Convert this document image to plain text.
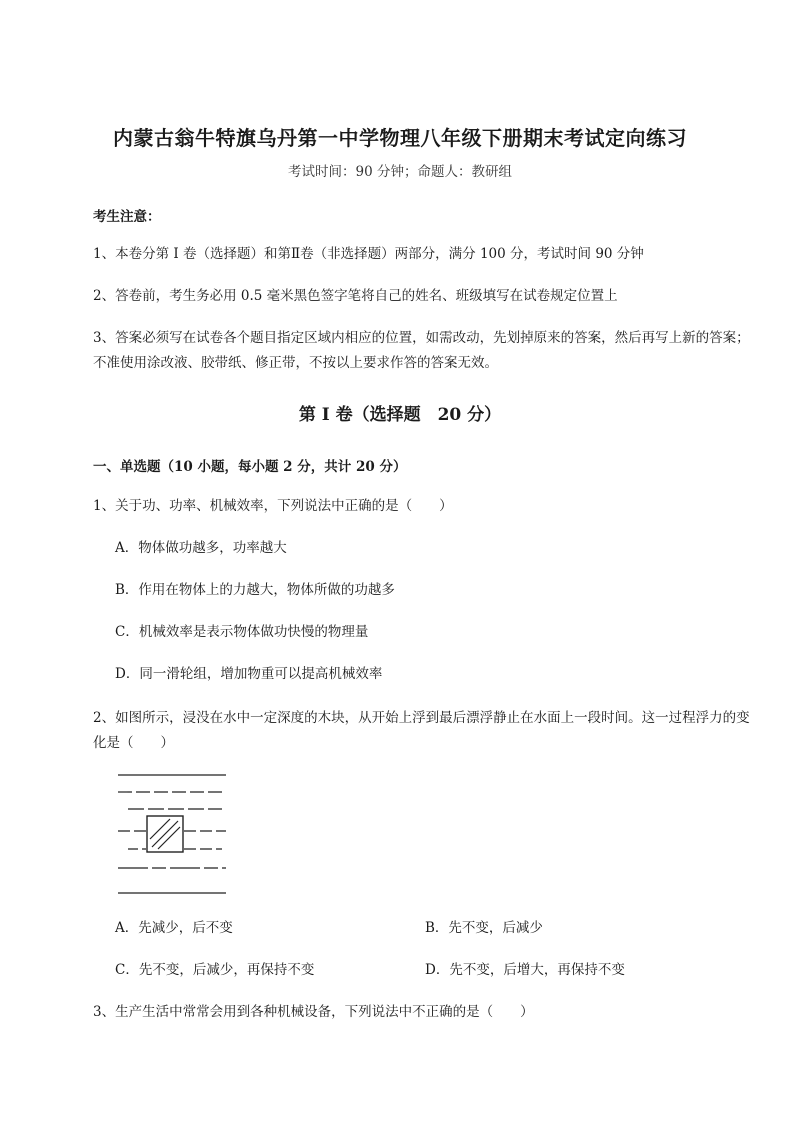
内蒙古翁牛特旗乌丹第一中学物理八年级下册期末考试定向练习
考试时间：90 分钟；命题人：教研组
考生注意：
1、本卷分第 I 卷（选择题）和第Ⅱ卷（非选择题）两部分，满分 100 分，考试时间 90 分钟
2、答卷前，考生务必用 0.5 毫米黑色签字笔将自己的姓名、班级填写在试卷规定位置上
3、答案必须写在试卷各个题目指定区域内相应的位置，如需改动，先划掉原来的答案，然后再写上新的答案；不准使用涂改液、胶带纸、修正带，不按以上要求作答的答案无效。
第 I 卷（选择题　20 分）
一、单选题（10 小题，每小题 2 分，共计 20 分）
1、关于功、功率、机械效率，下列说法中正确的是（　　）
A．物体做功越多，功率越大
B．作用在物体上的力越大，物体所做的功越多
C．机械效率是表示物体做功快慢的物理量
D．同一滑轮组，增加物重可以提高机械效率
2、如图所示，浸没在水中一定深度的木块，从开始上浮到最后漂浮静止在水面上一段时间。这一过程浮力的变化是（　　）
A．先减少，后不变	B．先不变，后减少
C．先不变，后减少，再保持不变	D．先不变，后增大，再保持不变
3、生产生活中常常会用到各种机械设备，下列说法中不正确的是（　　）
